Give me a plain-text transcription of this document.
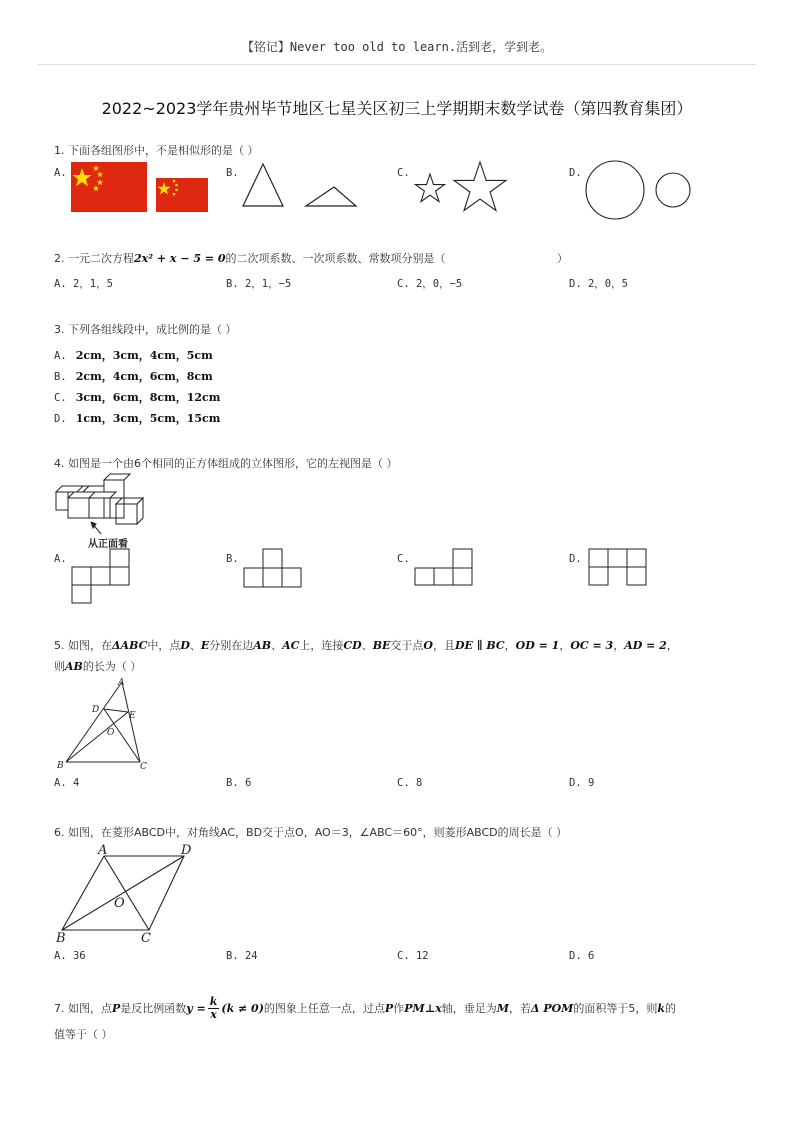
【铭记】Never too old to learn.活到老，学到老。
2022~2023学年贵州毕节地区七星关区初三上学期期末数学试卷（第四教育集团）
1. 下面各组图形中，不是相似形的是（ ）
A.	B.	C.	D.
2. 一元二次方程2x² + x − 5 = 0的二次项系数、一次项系数、常数项分别是（	）
A. 2，1，5	B. 2，1，−5	C. 2，0，−5	D. 2，0，5
3. 下列各组线段中，成比例的是（ ）
A. 2cm，3cm，4cm，5cm
B. 2cm，4cm，6cm，8cm
C. 3cm，6cm，8cm，12cm
D. 1cm，3cm，5cm，15cm
4. 如图是一个由6个相同的正方体组成的立体图形，它的左视图是（ ）
从正面看
A.	B.	C.	D.
5. 如图，在ΔABC中，点D、E分别在边AB、AC上，连接CD、BE交于点O，且DE ∥ BC，OD = 1，OC = 3，AD = 2，
则AB的长为（ ）
A
D
E
O
B	C
A. 4	B. 6	C. 8	D. 9
6. 如图，在菱形ABCD中，对角线AC，BD交于点O，AO＝3，∠ABC＝60°，则菱形ABCD的周长是（ ）
A	D
O
B	C
A. 36	B. 24	C. 12	D. 6
7. 如图，点 P 是反比例函数 $y = \frac{k}{x} (k \ne 0)$ 的图象上任意一点，过点 P 作 PM⊥x 轴，垂足为 M ，若 Δ POM 的面积等于5，则 k 的
值等于（ ）
